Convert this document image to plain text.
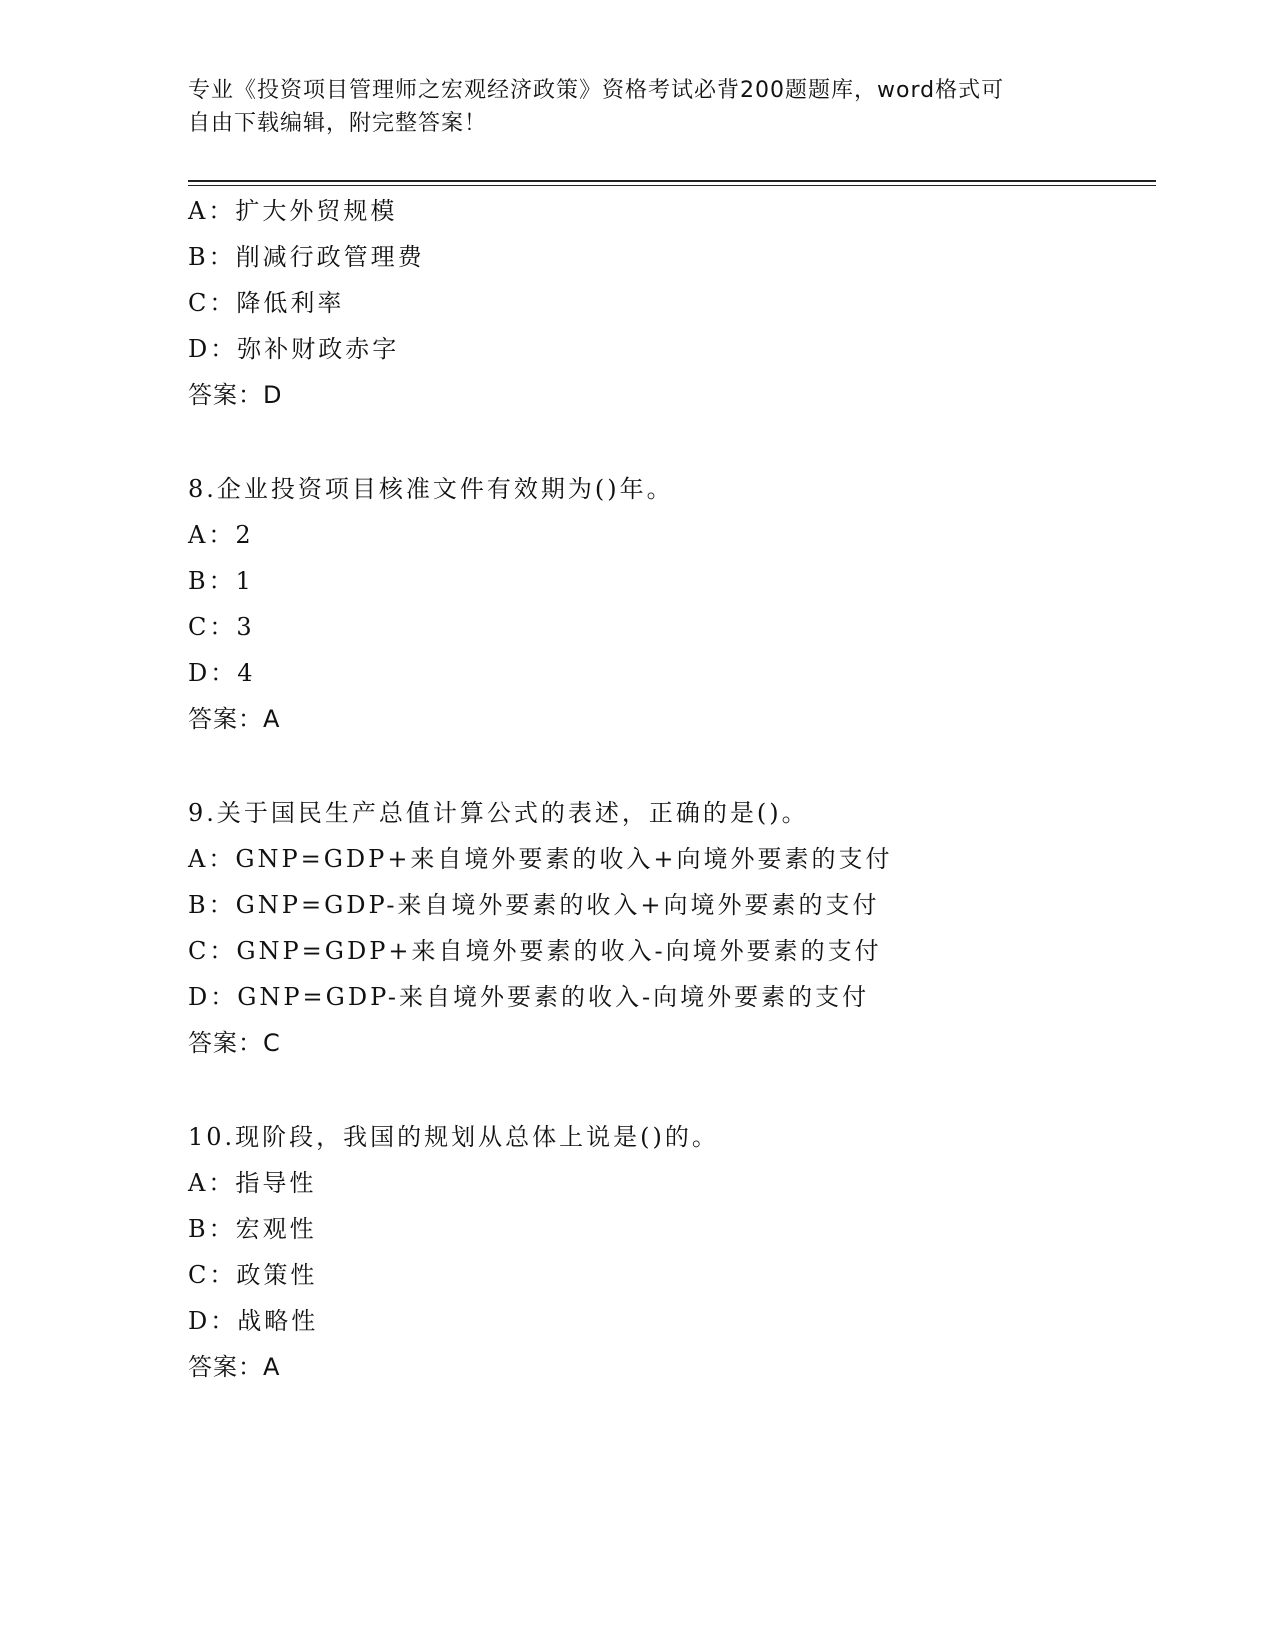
专业《投资项目管理师之宏观经济政策》资格考试必背200题题库，word格式可
自由下载编辑，附完整答案！
A：扩大外贸规模
B：削减行政管理费
C：降低利率
D：弥补财政赤字
答案：D
8.企业投资项目核准文件有效期为()年。
A：2
B：1
C：3
D：4
答案：A
9.关于国民生产总值计算公式的表述，正确的是()。
A：GNP=GDP+来自境外要素的收入+向境外要素的支付
B：GNP=GDP-来自境外要素的收入+向境外要素的支付
C：GNP=GDP+来自境外要素的收入-向境外要素的支付
D：GNP=GDP-来自境外要素的收入-向境外要素的支付
答案：C
10.现阶段，我国的规划从总体上说是()的。
A：指导性
B：宏观性
C：政策性
D：战略性
答案：A
